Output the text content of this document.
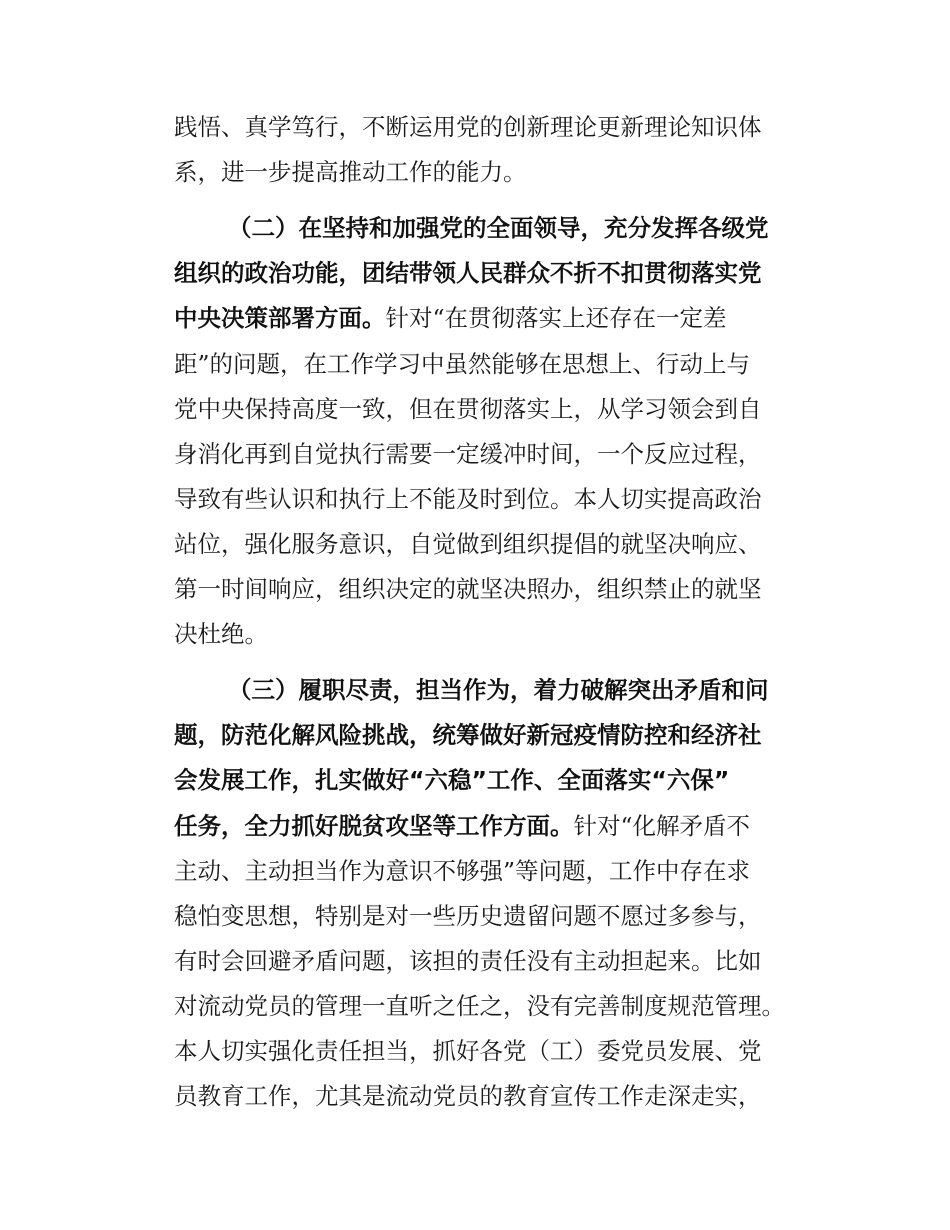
践悟、真学笃行，不断运用党的创新理论更新理论知识体
系，进一步提高推动工作的能力。
（二）在坚持和加强党的全面领导，充分发挥各级党
组织的政治功能，团结带领人民群众不折不扣贯彻落实党
中央决策部署方面。针对“在贯彻落实上还存在一定差
距”的问题，在工作学习中虽然能够在思想上、行动上与
党中央保持高度一致，但在贯彻落实上，从学习领会到自
身消化再到自觉执行需要一定缓冲时间，一个反应过程，
导致有些认识和执行上不能及时到位。本人切实提高政治
站位，强化服务意识，自觉做到组织提倡的就坚决响应、
第一时间响应，组织决定的就坚决照办，组织禁止的就坚
决杜绝。
（三）履职尽责，担当作为，着力破解突出矛盾和问
题，防范化解风险挑战，统筹做好新冠疫情防控和经济社
会发展工作，扎实做好“六稳”工作、全面落实“六保”
任务，全力抓好脱贫攻坚等工作方面。针对“化解矛盾不
主动、主动担当作为意识不够强”等问题，工作中存在求
稳怕变思想，特别是对一些历史遗留问题不愿过多参与，
有时会回避矛盾问题，该担的责任没有主动担起来。比如
对流动党员的管理一直听之任之，没有完善制度规范管理。
本人切实强化责任担当，抓好各党（工）委党员发展、党
员教育工作，尤其是流动党员的教育宣传工作走深走实，
